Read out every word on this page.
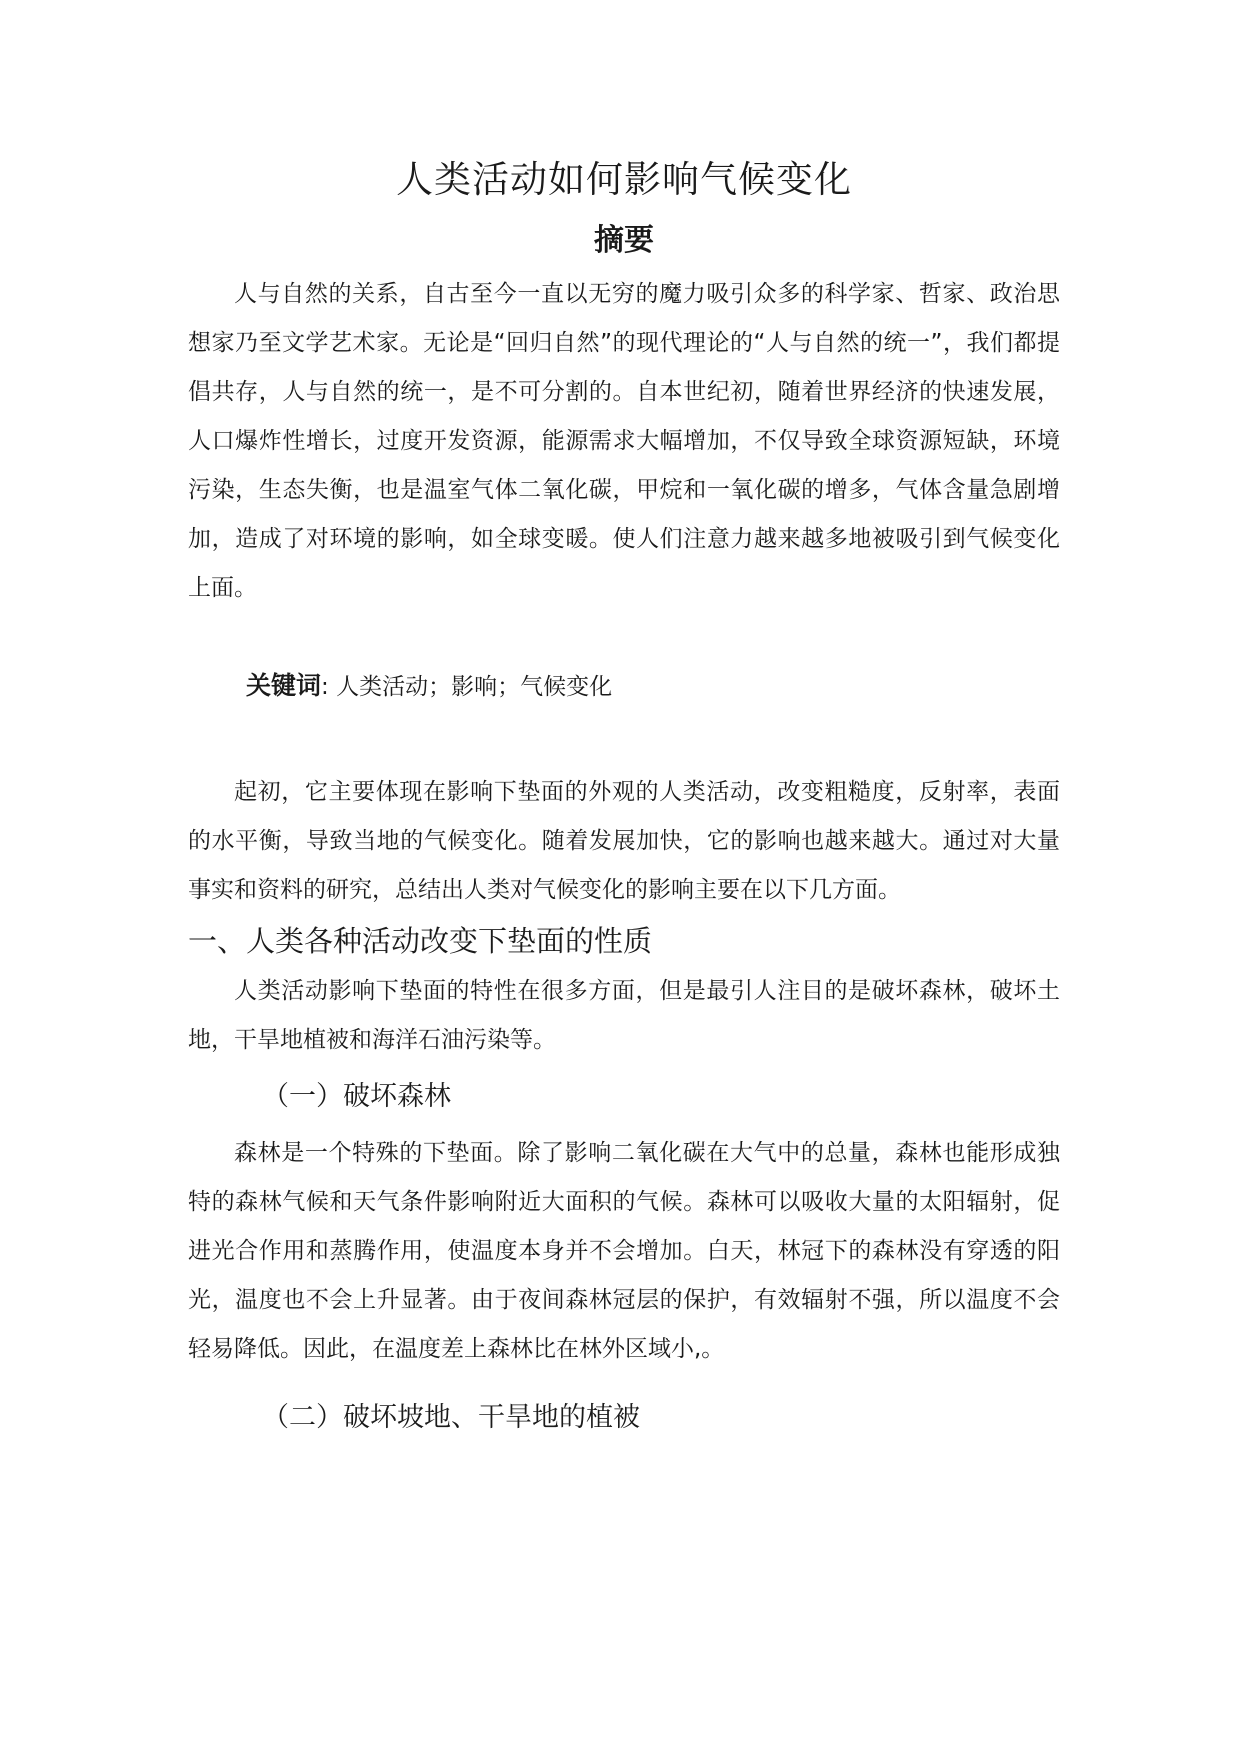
人类活动如何影响气候变化
摘要

人与自然的关系，自古至今一直以无穷的魔力吸引众多的科学家、哲家、政治思想家乃至文学艺术家。无论是“回归自然”的现代理论的“人与自然的统一”，我们都提倡共存，人与自然的统一，是不可分割的。自本世纪初，随着世界经济的快速发展，人口爆炸性增长，过度开发资源，能源需求大幅增加，不仅导致全球资源短缺，环境污染，生态失衡，也是温室气体二氧化碳，甲烷和一氧化碳的增多，气体含量急剧增加，造成了对环境的影响，如全球变暖。使人们注意力越来越多地被吸引到气候变化上面。

关键词: 人类活动；影响；气候变化

起初，它主要体现在影响下垫面的外观的人类活动，改变粗糙度，反射率，表面的水平衡，导致当地的气候变化。随着发展加快，它的影响也越来越大。通过对大量事实和资料的研究，总结出人类对气候变化的影响主要在以下几方面。

一、人类各种活动改变下垫面的性质

人类活动影响下垫面的特性在很多方面，但是最引人注目的是破坏森林，破坏土地，干旱地植被和海洋石油污染等。

（一）破坏森林

森林是一个特殊的下垫面。除了影响二氧化碳在大气中的总量，森林也能形成独特的森林气候和天气条件影响附近大面积的气候。森林可以吸收大量的太阳辐射，促进光合作用和蒸腾作用，使温度本身并不会增加。白天，林冠下的森林没有穿透的阳光，温度也不会上升显著。由于夜间森林冠层的保护，有效辐射不强，所以温度不会轻易降低。因此，在温度差上森林比在林外区域小,。

（二）破坏坡地、干旱地的植被
